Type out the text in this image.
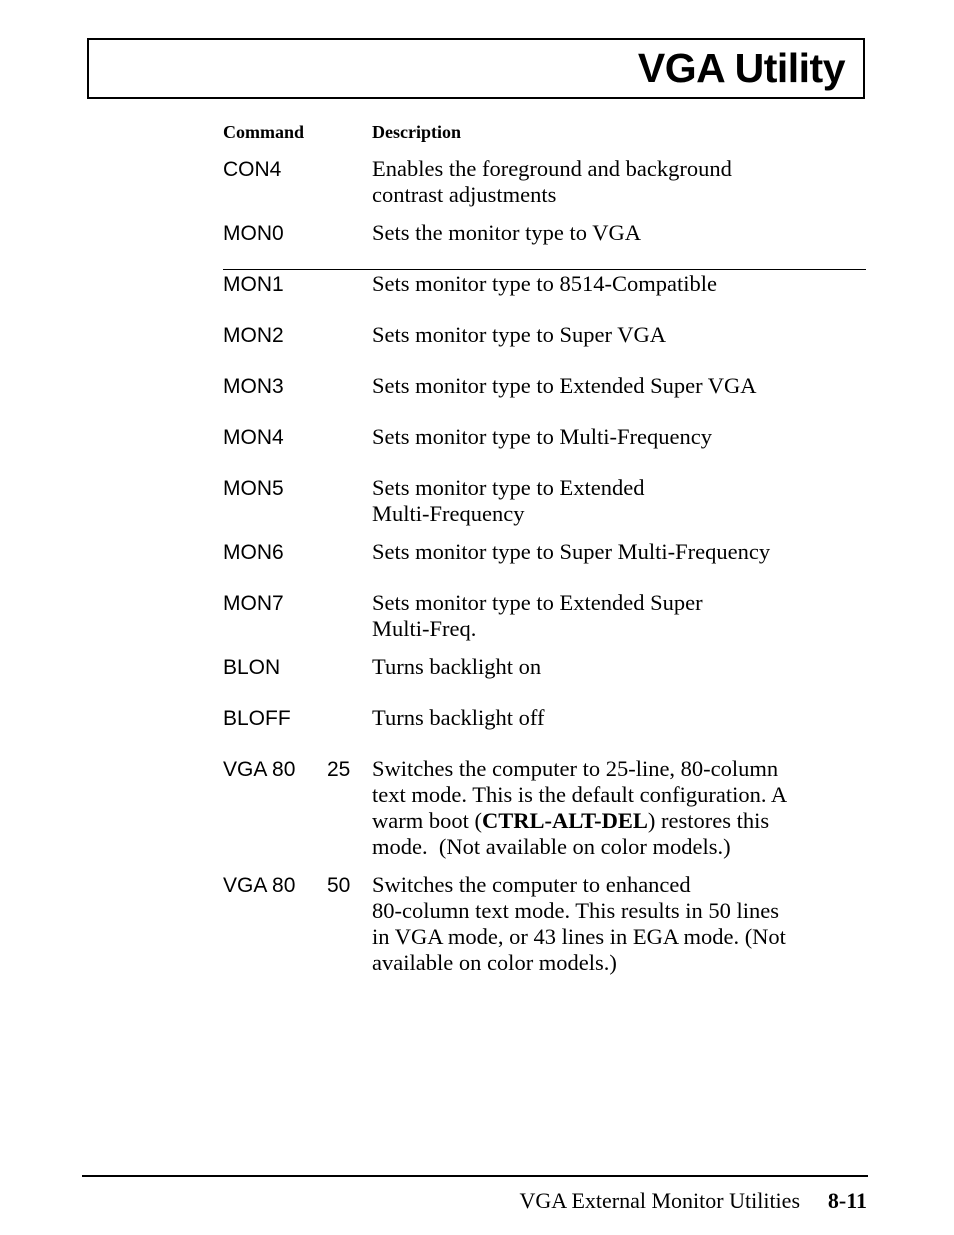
VGA Utility
Command	Description
CON4	Enables the foreground and background
contrast adjustments
MON0	Sets the monitor type to VGA
MON1	Sets monitor type to 8514-Compatible
MON2	Sets monitor type to Super VGA
MON3	Sets monitor type to Extended Super VGA
MON4	Sets monitor type to Multi-Frequency
MON5	Sets monitor type to Extended
Multi-Frequency
MON6	Sets monitor type to Super Multi-Frequency
MON7	Sets monitor type to Extended Super
Multi-Freq.
BLON	Turns backlight on
BLOFF	Turns backlight off
VGA 80 25 Switches the computer to 25-line, 80-column
text mode. This is the default configuration. A
warm boot (CTRL-ALT-DEL) restores this
mode.  (Not available on color models.)
VGA 80 50 Switches the computer to enhanced
80-column text mode. This results in 50 lines
in VGA mode, or 43 lines in EGA mode. (Not
available on color models.)
VGA External Monitor Utilities 8-11
